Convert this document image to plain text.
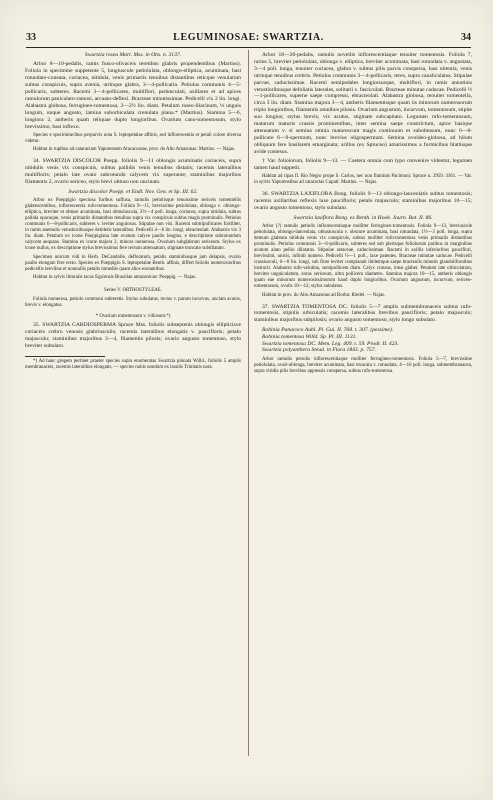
33	LEGUMINOSAE: SWARTZIA.	34

Swartzia rosea Mart. Mss. in Obs. n. 3137.

Arbor 8—10-pedalis, ramis fusco-olivaceis teretibus glabris propendentibus (Martius). Foliola in specimine suppetente 5, longiuscule petiolulata, oblongo-elliptica, acuminata, basi rotundato-cuneata, coriacea, nitidula, venis primariis tenuibus distantibus reticque venularum subtus conspicuis, supra avenia, utrinque glabra, 3—4-pollicaria. Petiolus communis 4—5-pollicaris, subteres. Racemi 3—4-pollicares, multiflori, pedunculati, axillares et ad apices ramulorum paniculato-ramosi, arcuato-deflexi. Bracteae minutissimae. Pedicelli vix 2 lin. longi. Alabastra globosa, ferrugineo-tomentosa, 2—2½ lin. diam. Petalum roseo-lilacinum, ⅓ unguis longum, unque angusto, lamina suborbiculata crenulata plana.* (Martius). Stamina 5—6, longiora 2, antheris quam reliquae duplo longioribus. Ovarium cano-tomentosum, stylo brevissimo, basi inflexo.

Species e specimine/ibus perparvis nota S. leptopetalae affinis, sed inflorescentia et petali colore diversa videtur.

Habitat in rupibus ad cataractam Yapurensem Araracoarae, prov. do Alto Amazonas: Martius. — Najas.

34. SWARTZIA DISCOLOR Poepp. foliolis 9—11 oblongis acuminatis coriaceis, supra nitidulis venis vix conspicuis, subtus pallidis venis tenuibus distatis; racemis lateralibus multifloris; petalo late ovato subrotundo calycem vix superante; staminibus majoribus filamentis 2, ovario sericeo, stylo brevi obtuso non uncinato.

Swartzia discolor Poepp. et Endl. Nov. Gen. et Sp. III. 62.

Arbor ex Poeppigio speciosa furibus suffusa, ramulis petiolisque tenuissime sericeis tomentellis glabrescentibus, inflorescentia rufo-tomentosa. Foliola 9—11, brevissime petiolulata, oblonga v. oblongo-elliptica, breviter et obtuse acuminata, basi obtusiuscula, 2½—4 poll. longa, coriacea, supra nitidula, subtus pallida opacaque, venis primariis distantibus tenuibus supra vix conspicuis subtus magis prominulis. Petiolus communis 6—8-pollicaris, subteres v. leviter angulosus. Stipulae non visi. Racemi subtripollicares fortiliter, in ramis anemulis vetustioribusque detidetis lateralibus. Pedicelli 4—6 lin. longi, ebracteolati. Alabastra vix 3 lin. diam. Petalum ex icone Poeppigiana late ovatum calyce paullo longius, e descriptione subrotundum calycem aequans. Stamina ex icone majora 2, minora numerosa. Ovarium subglabrum sericeum. Stylus ex icone nullus, ex descriptione stylus brevissimus fere rectum attenuatum, stigmate truncato subdilatato.

Specimen unicum vidi in Herb. DeCandolle, defloratum, petalis staminibusque jam delapsis, ovario paullo elongato fere recto. Species ex Poeppigio S. leptopetalae Benth. affinis, differt foliolis numerosioribus pedicellis brevibus et nonnullis petalis mmediis quam alios exstantibus.

Habitat in sylvis littoralis tacus Ega/ensis Brasiliae amazonicae: Poeppig. — Najas.

Series V. ORTHOSTYLEAE.

Foliola numerosa, petiolo communi subteretis. Stylus subulatus, rectus v. parum incurvus, unciam acutus, brevis v. elongatus.

* Ovarium tomentosum v. villosum.*)

35. SWARTZIA CARDIOSPERMA Spruce Mss. foliolis subseptenis oblongis ellipticisve coriaceis crebro venosis glabriusculis; racemis lateralibus elongatis v. paucifloris; petalo majusculo; staminibus majoribus 3—4, filamentis pilosis; ovario angusto tomentoso, stylo breviter subulato.

*) Ad hanc gregem pertinet praeter species supra enumeratas Swartzia pinnata Willd., foliolis 5 amplis membranaceis, racemis lateralibus elongatis, — species nobis nondum ex insulis Trinitatis nota.

Arbor 18—20-pedalis, ramulis novellis inflorescentiaque tenuiter tomentosis. Foliola 7, rarius 5, breviter petiolulata, oblonga v. elliptica, breviter acuminata, basi rotundata v. angustata, 3—4 poll. longa, tenuiter coriacea, glabra v. subtus pilis parvis conspersa, basi nitentia, venis utrinque tenuibus crebris. Petiolus communis 3—4-pollicaris, teres, supra canaliculatus. Stipulae parvae, caducissimae. Racemi semipedales longiorsusque, multiflori, in ramis annotinis vetustioribusque defoliatis laterales, solitarii v. fasciculati. Bracteae minutae caducae. Pedicelli ½—1-pollicares, superne saepe compressi, ebracteolati. Alabastra globosa, tenuiter tomentella, circa 3 lin. diam. Stamina majora 3—4, antheris filamentisque quam iis minorum numerosorum triplo longioribus, filamentis omnibus pilosis. Ovarium angustum, incurvum, tomentosum, stipite suo longius; stylus brevis, vix acutus, stigmate subcapitato. Legumen rufo-tomentosum, maturum maturis crassis prominentibus, inter semina saepe constrictum, apice basique attenuatum v. si semina omnia maturescunt magis continuum et subobtusum, nunc 6—8-pollicare 6—9-spermum, nunc brevius oligospermum. Semina ovoideo-globosa, ad hilum obliquum fere basilarem emarginata; arillus (ex Spruceo) amarissimus a formicibus blattisque avide comesus.

† Var. foliolorum, foliolis 9—13. — Caetera omnia cum typo convenire videntur, legumen tamen haud suppetit.

Habitat ad ripas fl. Rio Negro prope S. Carlos, nec non fluminis Pacimoni: Spruce n. 2959. 3361. — Var. in sylvis Yapurensibus ad cataractas Cupati: Martius. — Najas.

36. SWARTZIA LAXIFLORA Bong. foliolis 9—13 oblongo-lanceolatis subtus tomentosis; racemis axillaribus reflexis laxe paucifloris; petalo majusculo; staminibus majoribus 10—15; ovario angusto tomentoso, stylo subulato.

Swartzia laxiflora Bong. ex Benth. in Hook. Journ. Bot. II. 86.

Arbor (?) ramulis petiolis inflorescentiaque molliter ferrugineo-tomentosis. Foliola 9—13, breviuscule petiolulata, oblongo-lanceolata, obtusiuscula v. obscure acuminata, basi rotundata, 1½—3 poll. longa, supra demum glabrata nitidula venis vix conspicuis, subtus molliter rufo-tomentosa venis primariis distantibus prominulis. Petiolus communis 3—6-pollicaris, subteres sed sub plerisque foliolorum paribus in marginibus acutum alato pellio dilatatus. Stipulae setaceae, caducissimae. Racemi in axillis inferioribus pauciflori, brevissimi, unicis, infiniti numero. Pedicelli ½—1 poll., laxe patentes. Bracteae minutae caducae. Pedicelli crassiusculi, 6—8 lin. longi, sub flore leviter complanati ibidemque saepe bracteolis minutis glandulifornibus instructi. Alabastra rufo-velutina, semipollicem diam. Calyx crassus, intus glaber. Petalum late orbiculatum, breviter unguiculatum, extus sericeum, ultra pollicem diametro. Stamina majora 10—15, antheris oblongis quam eae minorum numerosissimorum haud duplo longioribus. Ovarium angustum, incurvum, sericeo-tomentosum, ovulis 10—12; stylus subulatus.

Habitat in prov. do Alto Amazonas ad Borba: Riedel. — Najas.

37. SWARTZIA TOMENTOSA DC. foliolis 5—7 amplis submembranaceis subtus rufo-tomentosis, stipulis orbiculatis; racemis lateralibus brevibus paucifloris; petalo majusculo; staminibus majoribus subpilosis; ovario angusto tomentoso, stylo longo subulato.

Robinia Panacoco Aubl. Pl. Gui. II. 768. t. 307. (pessime).

Robinia tomentosa Willd. Sp. Pl. III. 1131.

Swartzia tomentosa DC. Mem. Leg. 409. t. 59. Prodr. II. 423.

Swartzia polyanthera Steud. in Flora 1843. p. 757.

Arbor ramulis petiolis inflorescentiaque molliter ferrugineo-tomentosis. Foliola 5—7, brevissime petiolulata, ovali-oblonga, breviter acuminata, basi truncata v. rotundata, 4—10 poll. longa, submembranacea, supra viridia pilis brevibus appressis conspersa, subtus rufo-tomentosa.
